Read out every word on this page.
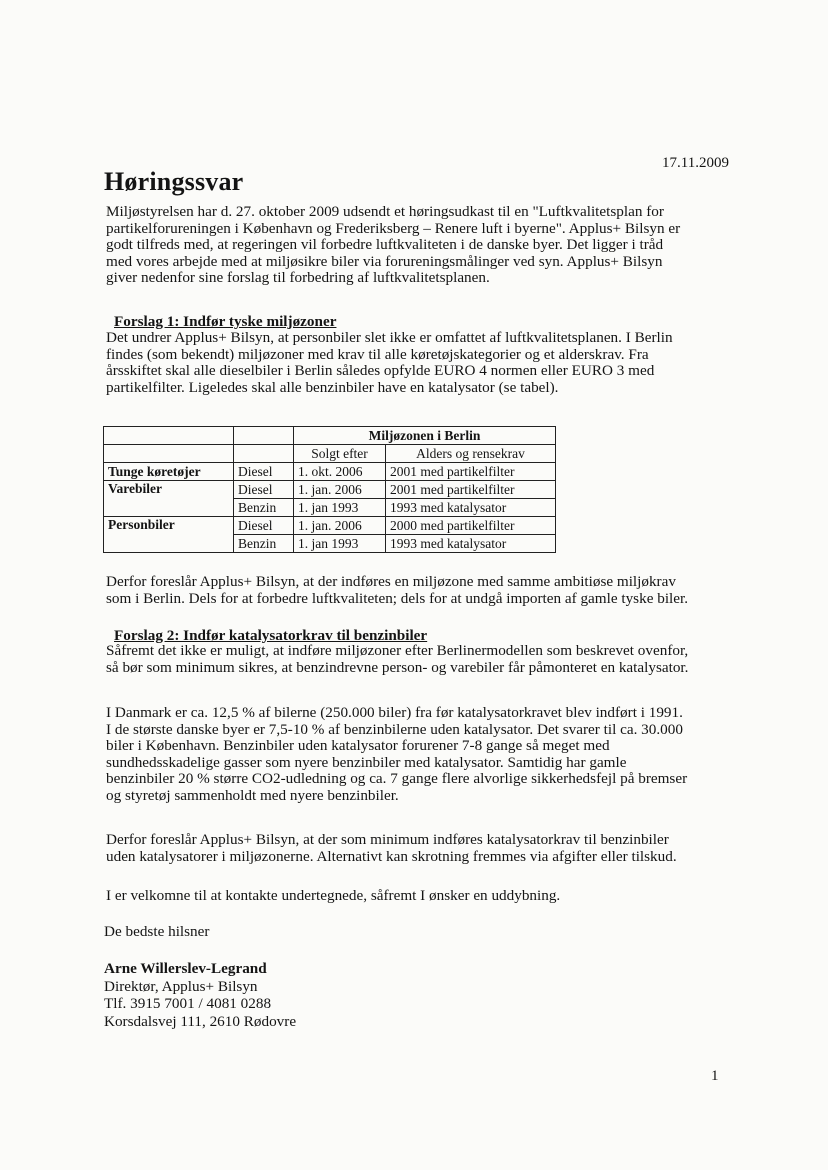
17.11.2009
Høringssvar
Miljøstyrelsen har d. 27. oktober 2009 udsendt et høringsudkast til en "Luftkvalitetsplan for
partikelforureningen i København og Frederiksberg – Renere luft i byerne". Applus+ Bilsyn er
godt tilfreds med, at regeringen vil forbedre luftkvaliteten i de danske byer. Det ligger i tråd
med vores arbejde med at miljøsikre biler via forureningsmålinger ved syn. Applus+ Bilsyn
giver nedenfor sine forslag til forbedring af luftkvalitetsplanen.
Forslag 1: Indfør tyske miljøzoner
Det undrer Applus+ Bilsyn, at personbiler slet ikke er omfattet af luftkvalitetsplanen. I Berlin
findes (som bekendt) miljøzoner med krav til alle køretøjskategorier og et alderskrav. Fra
årsskiftet skal alle dieselbiler i Berlin således opfylde EURO 4 normen eller EURO 3 med
partikelfilter. Ligeledes skal alle benzinbiler have en katalysator (se tabel).
		Miljøzonen i Berlin	
		Solgt efter	Alders og rensekrav
Tunge køretøjer	Diesel	1. okt. 2006	2001 med partikelfilter
Varebiler	Diesel	1. jan. 2006	2001 med partikelfilter
	Benzin	1. jan 1993	1993 med katalysator
Personbiler	Diesel	1. jan. 2006	2000 med partikelfilter
	Benzin	1. jan 1993	1993 med katalysator
Derfor foreslår Applus+ Bilsyn, at der indføres en miljøzone med samme ambitiøse miljøkrav
som i Berlin. Dels for at forbedre luftkvaliteten; dels for at undgå importen af gamle tyske biler.
Forslag 2: Indfør katalysatorkrav til benzinbiler
Såfremt det ikke er muligt, at indføre miljøzoner efter Berlinermodellen som beskrevet ovenfor,
så bør som minimum sikres, at benzindrevne person- og varebiler får påmonteret en katalysator.
I Danmark er ca. 12,5 % af bilerne (250.000 biler) fra før katalysatorkravet blev indført i 1991.
I de største danske byer er 7,5-10 % af benzinbilerne uden katalysator. Det svarer til ca. 30.000
biler i København. Benzinbiler uden katalysator forurener 7-8 gange så meget med
sundhedsskadelige gasser som nyere benzinbiler med katalysator. Samtidig har gamle
benzinbiler 20 % større CO2-udledning og ca. 7 gange flere alvorlige sikkerhedsfejl på bremser
og styretøj sammenholdt med nyere benzinbiler.
Derfor foreslår Applus+ Bilsyn, at der som minimum indføres katalysatorkrav til benzinbiler
uden katalysatorer i miljøzonerne. Alternativt kan skrotning fremmes via afgifter eller tilskud.
I er velkomne til at kontakte undertegnede, såfremt I ønsker en uddybning.
De bedste hilsner
Arne Willerslev-Legrand
Direktør, Applus+ Bilsyn
Tlf. 3915 7001 / 4081 0288
Korsdalsvej 111, 2610 Rødovre
1
